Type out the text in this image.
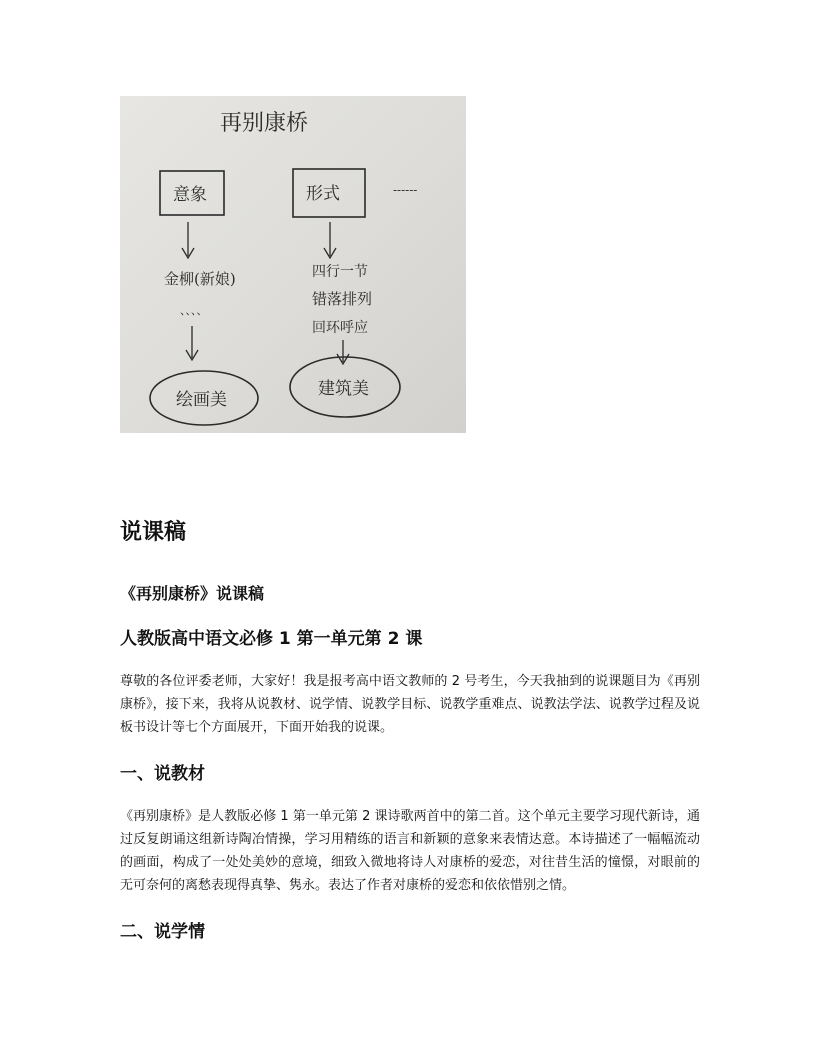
再别康桥
意象	形式	------
金柳(新娘)
、、、、
四行一节
错落排列
回环呼应
绘画美
建筑美
说课稿
《再别康桥》说课稿
人教版高中语文必修 1 第一单元第 2 课

尊敬的各位评委老师，大家好！我是报考高中语文教师的 2 号考生，今天我抽到的说课题目为《再别康桥》，接下来，我将从说教材、说学情、说教学目标、说教学重难点、说教法学法、说教学过程及说板书设计等七个方面展开，下面开始我的说课。

一、说教材

《再别康桥》是人教版必修 1 第一单元第 2 课诗歌两首中的第二首。这个单元主要学习现代新诗，通过反复朗诵这组新诗陶冶情操，学习用精练的语言和新颖的意象来表情达意。本诗描述了一幅幅流动的画面，构成了一处处美妙的意境，细致入微地将诗人对康桥的爱恋，对往昔生活的憧憬，对眼前的无可奈何的离愁表现得真挚、隽永。表达了作者对康桥的爱恋和依依惜别之情。

二、说学情
